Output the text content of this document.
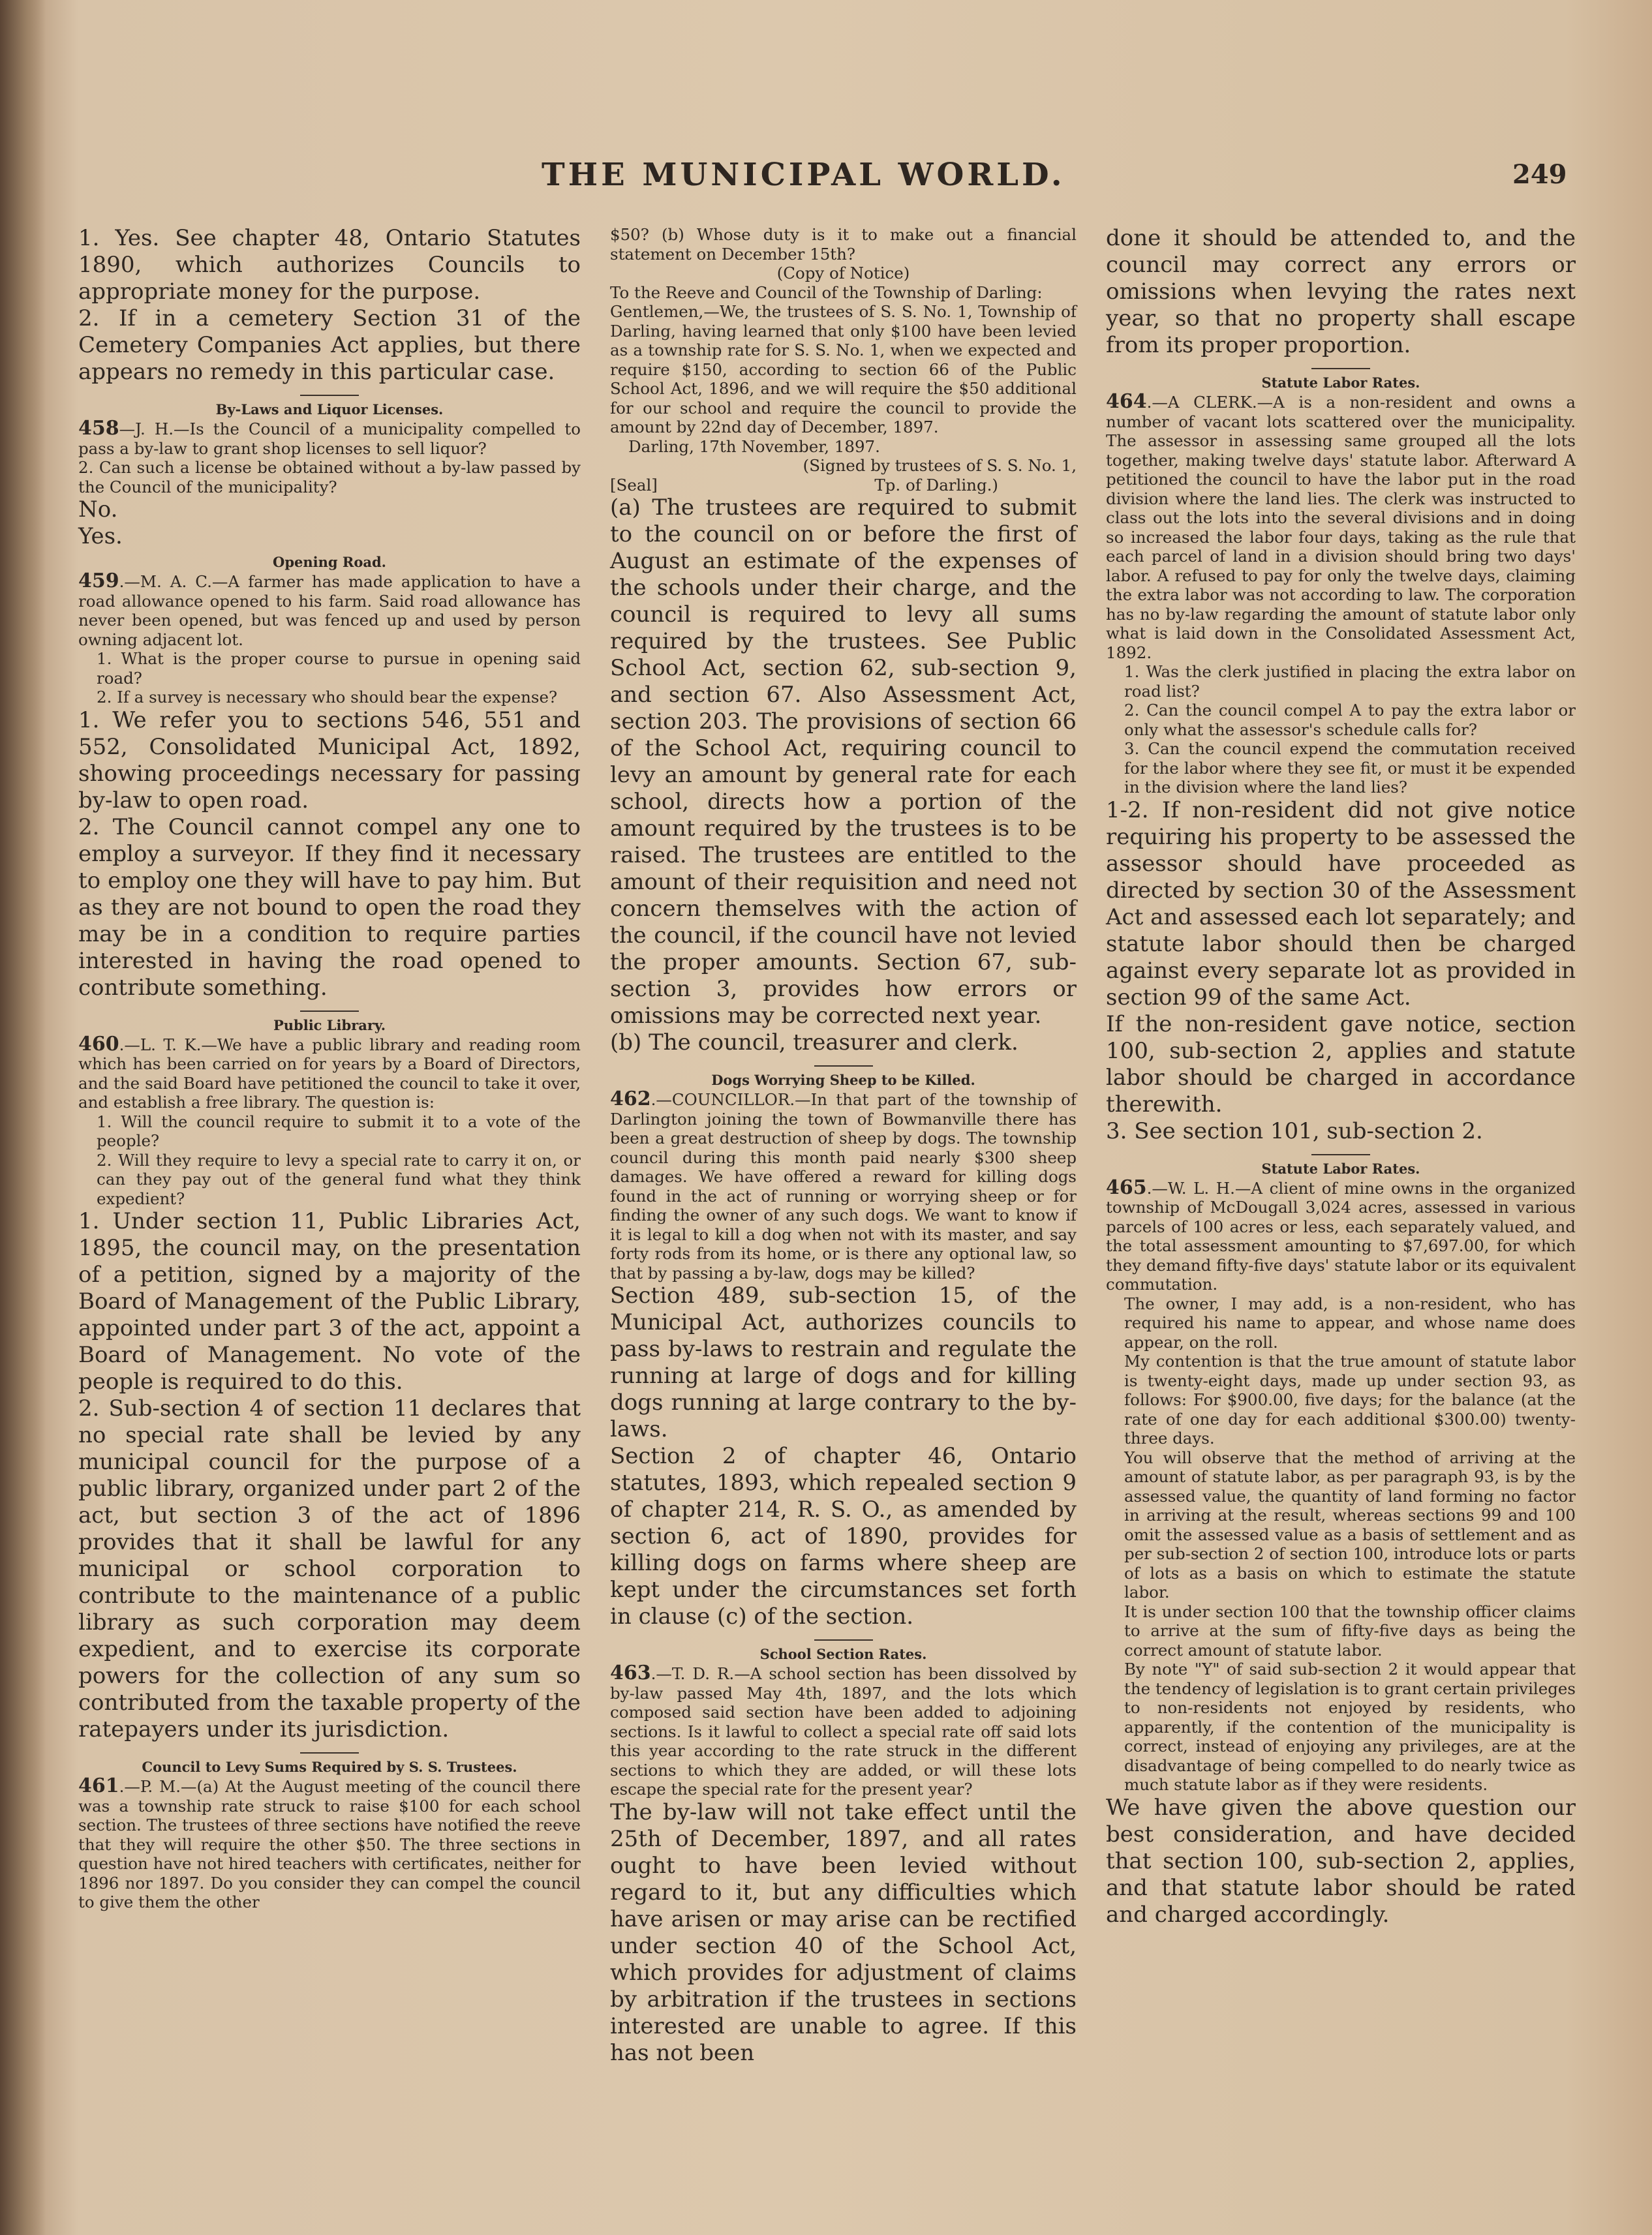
THE MUNICIPAL WORLD.	249

1. Yes. See chapter 48, Ontario Statutes 1890, which authorizes Councils to appropriate money for the purpose.

2. If in a cemetery Section 31 of the Cemetery Companies Act applies, but there appears no remedy in this particular case.

By-Laws and Liquor Licenses.

458—J. H.—Is the Council of a municipality compelled to pass a by-law to grant shop licenses to sell liquor?

2. Can such a license be obtained without a by-law passed by the Council of the municipality?

No.

Yes.

Opening Road.

459.—M. A. C.—A farmer has made application to have a road allowance opened to his farm. Said road allowance has never been opened, but was fenced up and used by person owning adjacent lot.

1. What is the proper course to pursue in opening said road?

2. If a survey is necessary who should bear the expense?

1. We refer you to sections 546, 551 and 552, Consolidated Municipal Act, 1892, showing proceedings necessary for passing by-law to open road.

2. The Council cannot compel any one to employ a surveyor. If they find it necessary to employ one they will have to pay him. But as they are not bound to open the road they may be in a condition to require parties interested in having the road opened to contribute something.

Public Library.

460.—L. T. K.—We have a public library and reading room which has been carried on for years by a Board of Directors, and the said Board have petitioned the council to take it over, and establish a free library. The question is:

1. Will the council require to submit it to a vote of the people?

2. Will they require to levy a special rate to carry it on, or can they pay out of the general fund what they think expedient?

1. Under section 11, Public Libraries Act, 1895, the council may, on the presentation of a petition, signed by a majority of the Board of Management of the Public Library, appointed under part 3 of the act, appoint a Board of Management. No vote of the people is required to do this.

2. Sub-section 4 of section 11 declares that no special rate shall be levied by any municipal council for the purpose of a public library, organized under part 2 of the act, but section 3 of the act of 1896 provides that it shall be lawful for any municipal or school corporation to contribute to the maintenance of a public library as such corporation may deem expedient, and to exercise its corporate powers for the collection of any sum so contributed from the taxable property of the ratepayers under its jurisdiction.

Council to Levy Sums Required by S. S. Trustees.

461.—P. M.—(a) At the August meeting of the council there was a township rate struck to raise $100 for each school section. The trustees of three sections have notified the reeve that they will require the other $50. The three sections in question have not hired teachers with certificates, neither for 1896 nor 1897. Do you consider they can compel the council to give them the other

$50? (b) Whose duty is it to make out a financial statement on December 15th?

(Copy of Notice)

To the Reeve and Council of the Township of Darling:

Gentlemen,—We, the trustees of S. S. No. 1, Township of Darling, having learned that only $100 have been levied as a township rate for S. S. No. 1, when we expected and require $150, according to section 66 of the Public School Act, 1896, and we will require the $50 additional for our school and require the council to provide the amount by 22nd day of December, 1897.

Darling, 17th November, 1897.

(Signed by trustees of S. S. No. 1,

[Seal]	Tp. of Darling.)

(a) The trustees are required to submit to the council on or before the first of August an estimate of the expenses of the schools under their charge, and the council is required to levy all sums required by the trustees. See Public School Act, section 62, sub-section 9, and section 67. Also Assessment Act, section 203. The provisions of section 66 of the School Act, requiring council to levy an amount by general rate for each school, directs how a portion of the amount required by the trustees is to be raised. The trustees are entitled to the amount of their requisition and need not concern themselves with the action of the council, if the council have not levied the proper amounts. Section 67, sub-section 3, provides how errors or omissions may be corrected next year.

(b) The council, treasurer and clerk.

Dogs Worrying Sheep to be Killed.

462.—COUNCILLOR.—In that part of the township of Darlington joining the town of Bowmanville there has been a great destruction of sheep by dogs. The township council during this month paid nearly $300 sheep damages. We have offered a reward for killing dogs found in the act of running or worrying sheep or for finding the owner of any such dogs. We want to know if it is legal to kill a dog when not with its master, and say forty rods from its home, or is there any optional law, so that by passing a by-law, dogs may be killed?

Section 489, sub-section 15, of the Municipal Act, authorizes councils to pass by-laws to restrain and regulate the running at large of dogs and for killing dogs running at large contrary to the by-laws.

Section 2 of chapter 46, Ontario statutes, 1893, which repealed section 9 of chapter 214, R. S. O., as amended by section 6, act of 1890, provides for killing dogs on farms where sheep are kept under the circumstances set forth in clause (c) of the section.

School Section Rates.

463.—T. D. R.—A school section has been dissolved by by-law passed May 4th, 1897, and the lots which composed said section have been added to adjoining sections. Is it lawful to collect a special rate off said lots this year according to the rate struck in the different sections to which they are added, or will these lots escape the special rate for the present year?

The by-law will not take effect until the 25th of December, 1897, and all rates ought to have been levied without regard to it, but any difficulties which have arisen or may arise can be rectified under section 40 of the School Act, which provides for adjustment of claims by arbitration if the trustees in sections interested are unable to agree. If this has not been

done it should be attended to, and the council may correct any errors or omissions when levying the rates next year, so that no property shall escape from its proper proportion.

Statute Labor Rates.

464.—A CLERK.—A is a non-resident and owns a number of vacant lots scattered over the municipality. The assessor in assessing same grouped all the lots together, making twelve days' statute labor. Afterward A petitioned the council to have the labor put in the road division where the land lies. The clerk was instructed to class out the lots into the several divisions and in doing so increased the labor four days, taking as the rule that each parcel of land in a division should bring two days' labor. A refused to pay for only the twelve days, claiming the extra labor was not according to law. The corporation has no by-law regarding the amount of statute labor only what is laid down in the Consolidated Assessment Act, 1892.

1. Was the clerk justified in placing the extra labor on road list?

2. Can the council compel A to pay the extra labor or only what the assessor's schedule calls for?

3. Can the council expend the commutation received for the labor where they see fit, or must it be expended in the division where the land lies?

1-2. If non-resident did not give notice requiring his property to be assessed the assessor should have proceeded as directed by section 30 of the Assessment Act and assessed each lot separately; and statute labor should then be charged against every separate lot as provided in section 99 of the same Act.

If the non-resident gave notice, section 100, sub-section 2, applies and statute labor should be charged in accordance therewith.

3. See section 101, sub-section 2.

Statute Labor Rates.

465.—W. L. H.—A client of mine owns in the organized township of McDougall 3,024 acres, assessed in various parcels of 100 acres or less, each separately valued, and the total assessment amounting to $7,697.00, for which they demand fifty-five days' statute labor or its equivalent commutation.

The owner, I may add, is a non-resident, who has required his name to appear, and whose name does appear, on the roll.

My contention is that the true amount of statute labor is twenty-eight days, made up under section 93, as follows: For $900.00, five days; for the balance (at the rate of one day for each additional $300.00) twenty-three days.

You will observe that the method of arriving at the amount of statute labor, as per paragraph 93, is by the assessed value, the quantity of land forming no factor in arriving at the result, whereas sections 99 and 100 omit the assessed value as a basis of settlement and as per sub-section 2 of section 100, introduce lots or parts of lots as a basis on which to estimate the statute labor.

It is under section 100 that the township officer claims to arrive at the sum of fifty-five days as being the correct amount of statute labor.

By note "Y" of said sub-section 2 it would appear that the tendency of legislation is to grant certain privileges to non-residents not enjoyed by residents, who apparently, if the contention of the municipality is correct, instead of enjoying any privileges, are at the disadvantage of being compelled to do nearly twice as much statute labor as if they were residents.

We have given the above question our best consideration, and have decided that section 100, sub-section 2, applies, and that statute labor should be rated and charged accordingly.
